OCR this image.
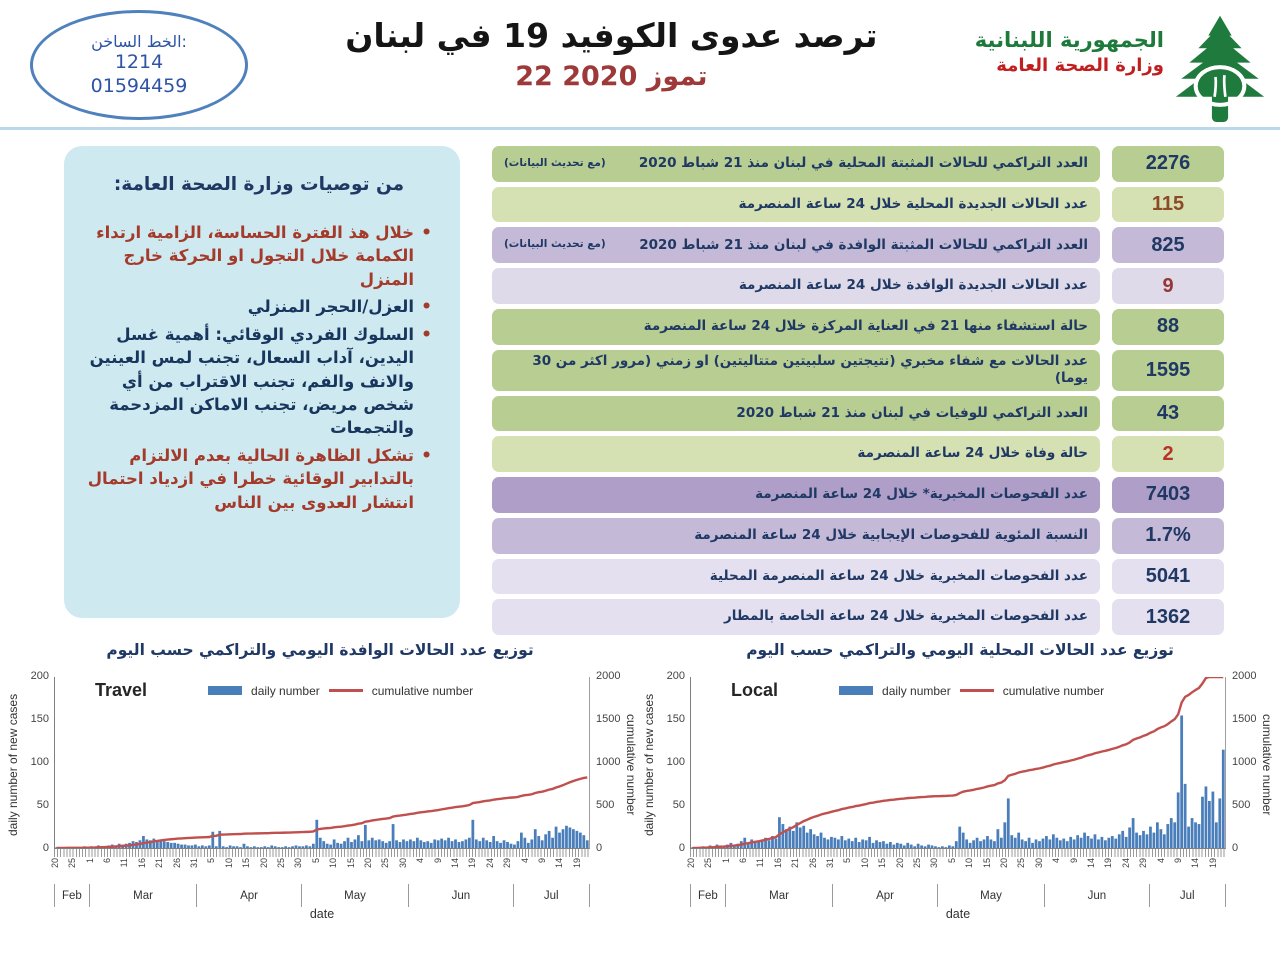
الخط الساخن:
1214
01594459
ترصد عدوى الكوفيد 19 في لبنان
22 تموز 2020
الجمهورية اللبنانية
وزارة الصحة العامة
من توصيات وزارة الصحة العامة:
• خلال هذ الفترة الحساسة، الزامية ارتداء الكمامة خلال التجول او الحركة خارج المنزل
• العزل/الحجر المنزلي
• السلوك الفردي الوقائي: أهمية غسل اليدين، آداب السعال، تجنب لمس العينين والانف والفم، تجنب الاقتراب من أي شخص مريض، تجنب الاماكن المزدحمة والتجمعات
• تشكل الظاهرة الحالية بعدم الالتزام بالتدابير الوقائية خطرا في ازدياد احتمال انتشار العدوى بين الناس
العدد التراكمي للحالات المثبتة المحلية في لبنان منذ 21 شباط 2020
(مع تحديث البيانات)	2276
عدد الحالات الجديدة المحلية خلال 24 ساعة المنصرمة	115
العدد التراكمي للحالات المثبتة الوافدة في لبنان منذ 21 شباط 2020
(مع تحديث البيانات)	825
عدد الحالات الجديدة الوافدة خلال 24 ساعة المنصرمة	9
حالة استشفاء منها 21 في العناية المركزة خلال 24 ساعة المنصرمة	88
عدد الحالات مع شفاء مخبري (نتيجتين سلبيتين متتاليتين) او زمني (مرور اكثر من 30 يوما)	1595
العدد التراكمي للوفيات في لبنان منذ 21 شباط 2020	43
حالة وفاة خلال 24 ساعة المنصرمة	2
عدد الفحوصات المخبرية* خلال 24 ساعة المنصرمة	7403
النسبة المئوية للفحوصات الإيجابية خلال 24 ساعة المنصرمة	1.7%
عدد الفحوصات المخبرية خلال 24 ساعة المنصرمة المحلية	5041
عدد الفحوصات المخبرية خلال 24 ساعة الخاصة بالمطار	1362
توزيع عدد الحالات الوافدة اليومي والتراكمي حسب اليوم	توزيع عدد الحالات المحلية اليومي والتراكمي حسب اليوم
daily number of new cases
0
50
100
150
200
Travel	daily number	cumulative number
20 25 1 6 11 16 21 26 31 5 10 15 20 25 30 5 10 15 20 25 30 4 9 14 19 24 29 4 9 14 19
Feb	Mar	Apr	May	Jun	Jul
date
0
500
1000
1500
2000
cumulative number daily number of new cases
0
50
100
150
200
Local	daily number	cumulative number
20 25 1 6 11 16 21 26 31 5 10 15 20 25 30 5 10 15 20 25 30 4 9 14 19 24 29 4 9 14 19
Feb	Mar	Apr	May	Jun	Jul
date
0
500
1000
1500
2000
cumulative number
